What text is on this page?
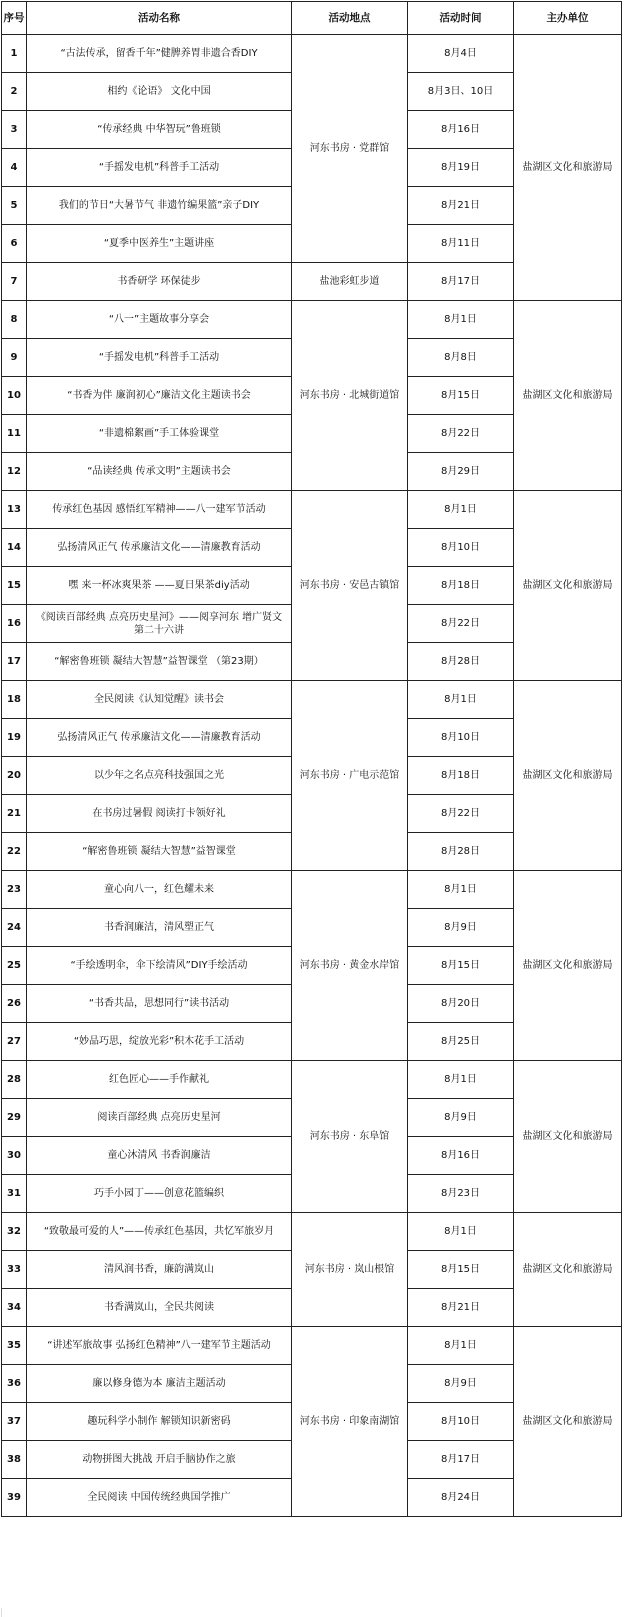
序号	活动名称	活动地点	活动时间	主办单位
1	“古法传承，留香千年”健脾养胃非遗合香DIY	河东书房 · 党群馆	8月4日	盐湖区文化和旅游局
2	相约《论语》 文化中国		8月3日、10日	
3	“传承经典 中华智玩”鲁班锁		8月16日	
4	“手摇发电机”科普手工活动		8月19日	
5	我们的节日“大暑节气 非遗竹编果篮”亲子DIY		8月21日	
6	“夏季中医养生”主题讲座		8月11日	
7	书香研学 环保徒步	盐池彩虹步道	8月17日	
8	“八一”主题故事分享会	河东书房 · 北城街道馆	8月1日	盐湖区文化和旅游局
9	“手摇发电机”科普手工活动		8月8日	
10	“书香为伴 廉润初心”廉洁文化主题读书会		8月15日	
11	“非遗棉絮画”手工体验课堂		8月22日	
12	“品读经典 传承文明”主题读书会		8月29日	
13	传承红色基因 感悟红军精神——八一建军节活动	河东书房 · 安邑古镇馆	8月1日	盐湖区文化和旅游局
14	弘扬清风正气 传承廉洁文化——清廉教育活动		8月10日	
15	嘿 来一杯冰爽果茶 ——夏日果茶diy活动		8月18日	
16	《阅读百部经典 点亮历史星河》——阅享河东 增广贤文 第二十六讲		8月22日	
17	“解密鲁班锁 凝结大智慧”益智课堂 （第23期）		8月28日	
18	全民阅读《认知觉醒》读书会	河东书房 · 广电示范馆	8月1日	盐湖区文化和旅游局
19	弘扬清风正气 传承廉洁文化——清廉教育活动		8月10日	
20	以少年之名点亮科技强国之光		8月18日	
21	在书房过暑假 阅读打卡领好礼		8月22日	
22	“解密鲁班锁 凝结大智慧”益智课堂		8月28日	
23	童心向八一，红色耀未来	河东书房 · 黄金水岸馆	8月1日	盐湖区文化和旅游局
24	书香润廉洁，清风塑正气		8月9日	
25	“手绘透明伞，伞下绘清风”DIY手绘活动		8月15日	
26	“书香共品，思想同行”读书活动		8月20日	
27	“妙品巧思，绽放光彩”积木花手工活动		8月25日	
28	红色匠心——手作献礼	河东书房 · 东阜馆	8月1日	盐湖区文化和旅游局
29	阅读百部经典 点亮历史星河		8月9日	
30	童心沐清风 书香润廉洁		8月16日	
31	巧手小园丁——创意花篮编织		8月23日	
32	“致敬最可爱的人”——传承红色基因，共忆军旅岁月	河东书房 · 岚山根馆	8月1日	盐湖区文化和旅游局
33	清风润书香，廉韵满岚山		8月15日	
34	书香满岚山，全民共阅读		8月21日	
35	“讲述军旅故事 弘扬红色精神”八一建军节主题活动	河东书房 · 印象南湖馆	8月1日	盐湖区文化和旅游局
36	廉以修身德为本 廉洁主题活动		8月9日	
37	趣玩科学小制作 解锁知识新密码		8月10日	
38	动物拼图大挑战 开启手脑协作之旅		8月17日	
39	全民阅读 中国传统经典国学推广		8月24日	
